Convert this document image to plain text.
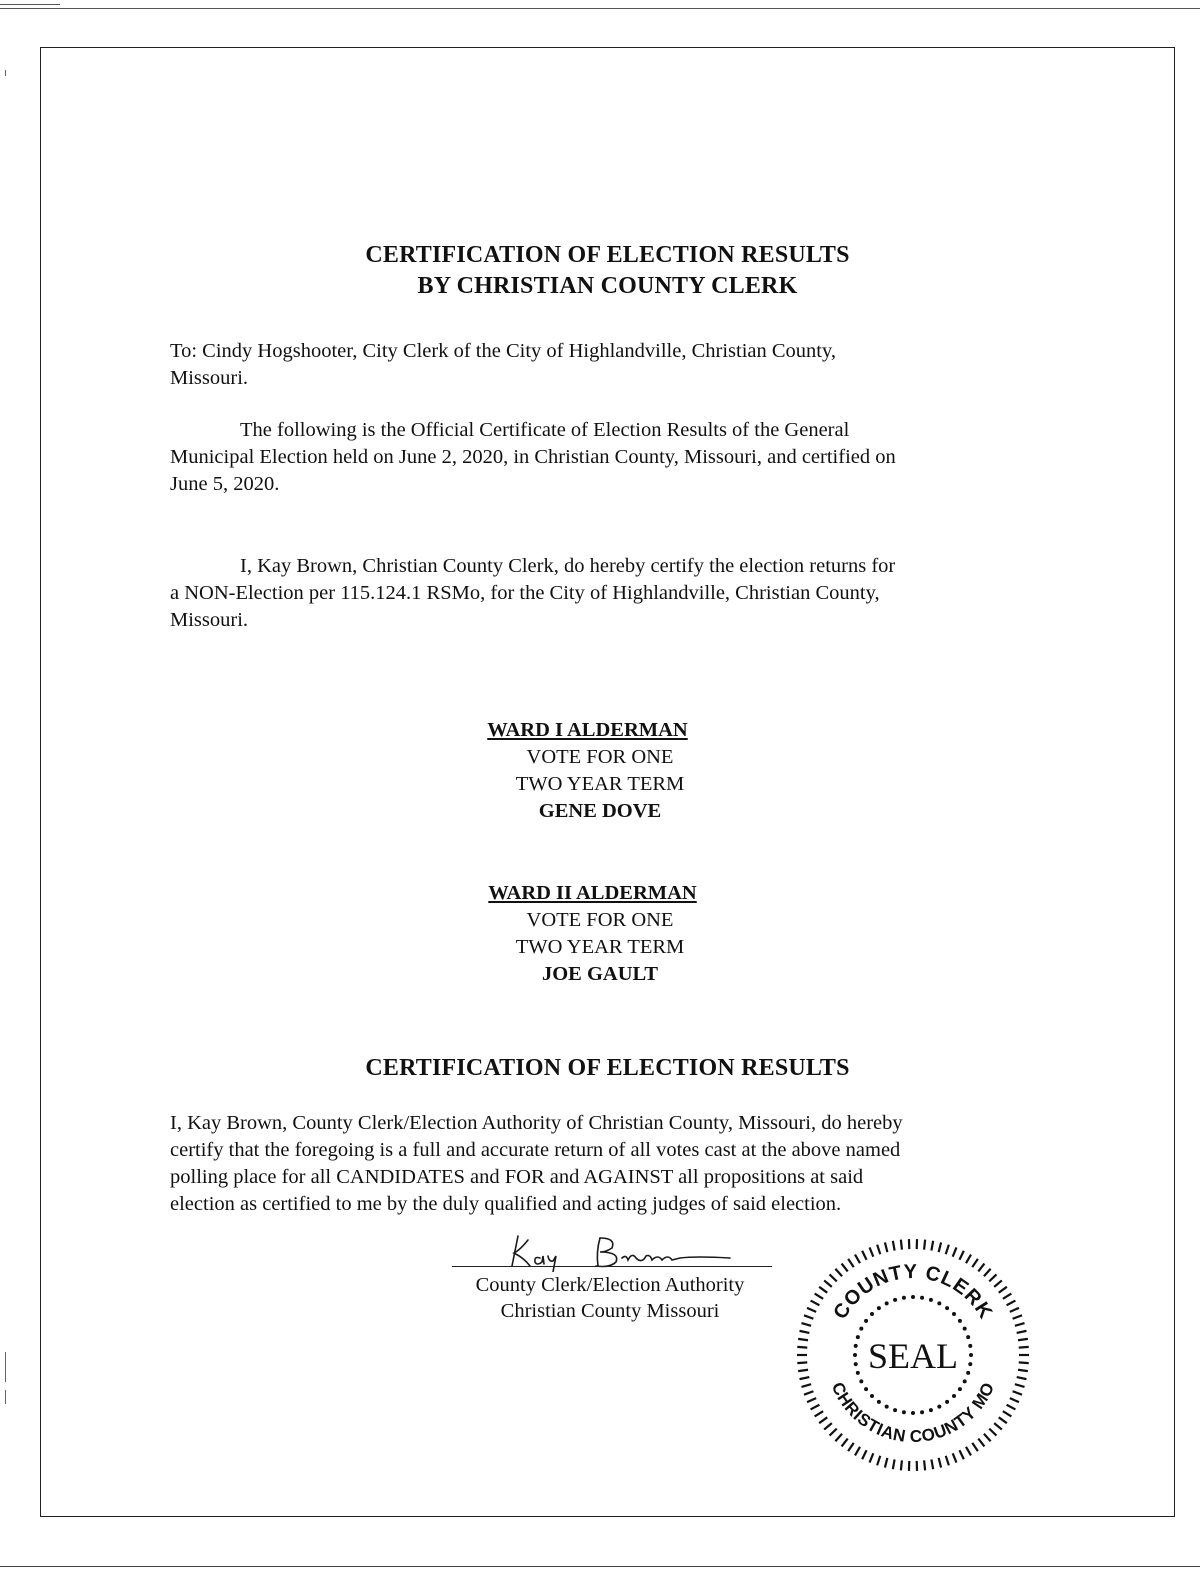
CERTIFICATION OF ELECTION RESULTS
BY CHRISTIAN COUNTY CLERK
To: Cindy Hogshooter, City Clerk of the City of Highlandville, Christian County,
Missouri.
The following is the Official Certificate of Election Results of the General
Municipal Election held on June 2, 2020, in Christian County, Missouri, and certified on
June 5, 2020.
I, Kay Brown, Christian County Clerk, do hereby certify the election returns for
a NON-Election per 115.124.1 RSMo, for the City of Highlandville, Christian County,
Missouri.
WARD I ALDERMAN
VOTE FOR ONE
TWO YEAR TERM
GENE DOVE
WARD II ALDERMAN
VOTE FOR ONE
TWO YEAR TERM
JOE GAULT
CERTIFICATION OF ELECTION RESULTS
I, Kay Brown, County Clerk/Election Authority of Christian County, Missouri, do hereby
certify that the foregoing is a full and accurate return of all votes cast at the above named
polling place for all CANDIDATES and FOR and AGAINST all propositions at said
election as certified to me by the duly qualified and acting judges of said election.
County Clerk/Election Authority
Christian County Missouri	COUNTY CLERK
CHRISTIAN COUNTY MO
SEAL
